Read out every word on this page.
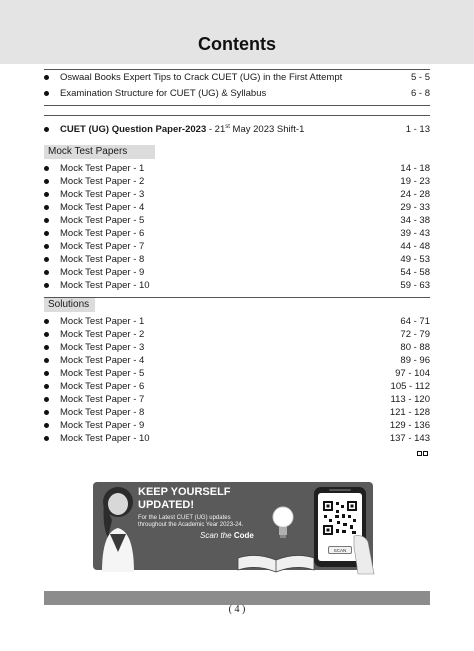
Contents
Oswaal Books Expert Tips to Crack CUET (UG) in the First Attempt	5 - 5
Examination Structure for CUET (UG) & Syllabus	6 - 8
CUET (UG) Question Paper-2023 - 21st May 2023 Shift-1	1 - 13
Mock Test Papers
Mock Test Paper - 1	14 - 18
Mock Test Paper - 2	19 - 23
Mock Test Paper - 3	24 - 28
Mock Test Paper - 4	29 - 33
Mock Test Paper - 5	34 - 38
Mock Test Paper - 6	39 - 43
Mock Test Paper - 7	44 - 48
Mock Test Paper - 8	49 - 53
Mock Test Paper - 9	54 - 58
Mock Test Paper - 10	59 - 63
Solutions
Mock Test Paper - 1	64 - 71
Mock Test Paper - 2	72 - 79
Mock Test Paper - 3	80 - 88
Mock Test Paper - 4	89 - 96
Mock Test Paper - 5	97 - 104
Mock Test Paper - 6	105 - 112
Mock Test Paper - 7	113 - 120
Mock Test Paper - 8	121 - 128
Mock Test Paper - 9	129 - 136
Mock Test Paper - 10	137 - 143
KEEP YOURSELF UPDATED!
For the Latest CUET (UG) updates throughout the Academic Year 2023-24.
Scan the Code
SCAN
( 4 )
